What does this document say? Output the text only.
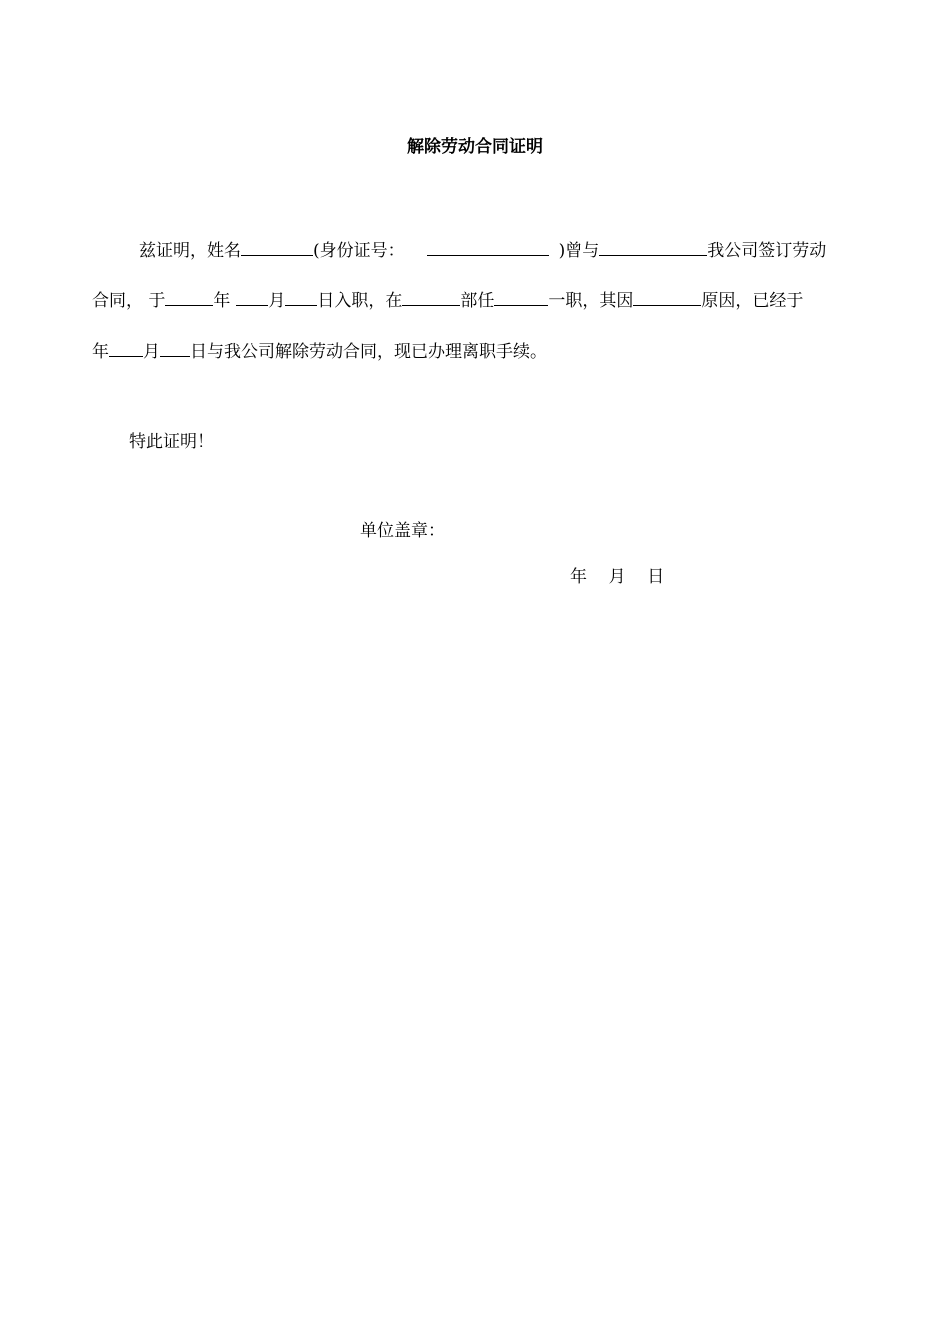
解除劳动合同证明
兹证明，姓名	(身份证号：	)曾与	我公司签订劳动
合同， 于	年 月 日入职，在	部任	一职，其因	原因，已经于
年 月 日与我公司解除劳动合同，现已办理离职手续。
特此证明！
单位盖章：
年    月    日
